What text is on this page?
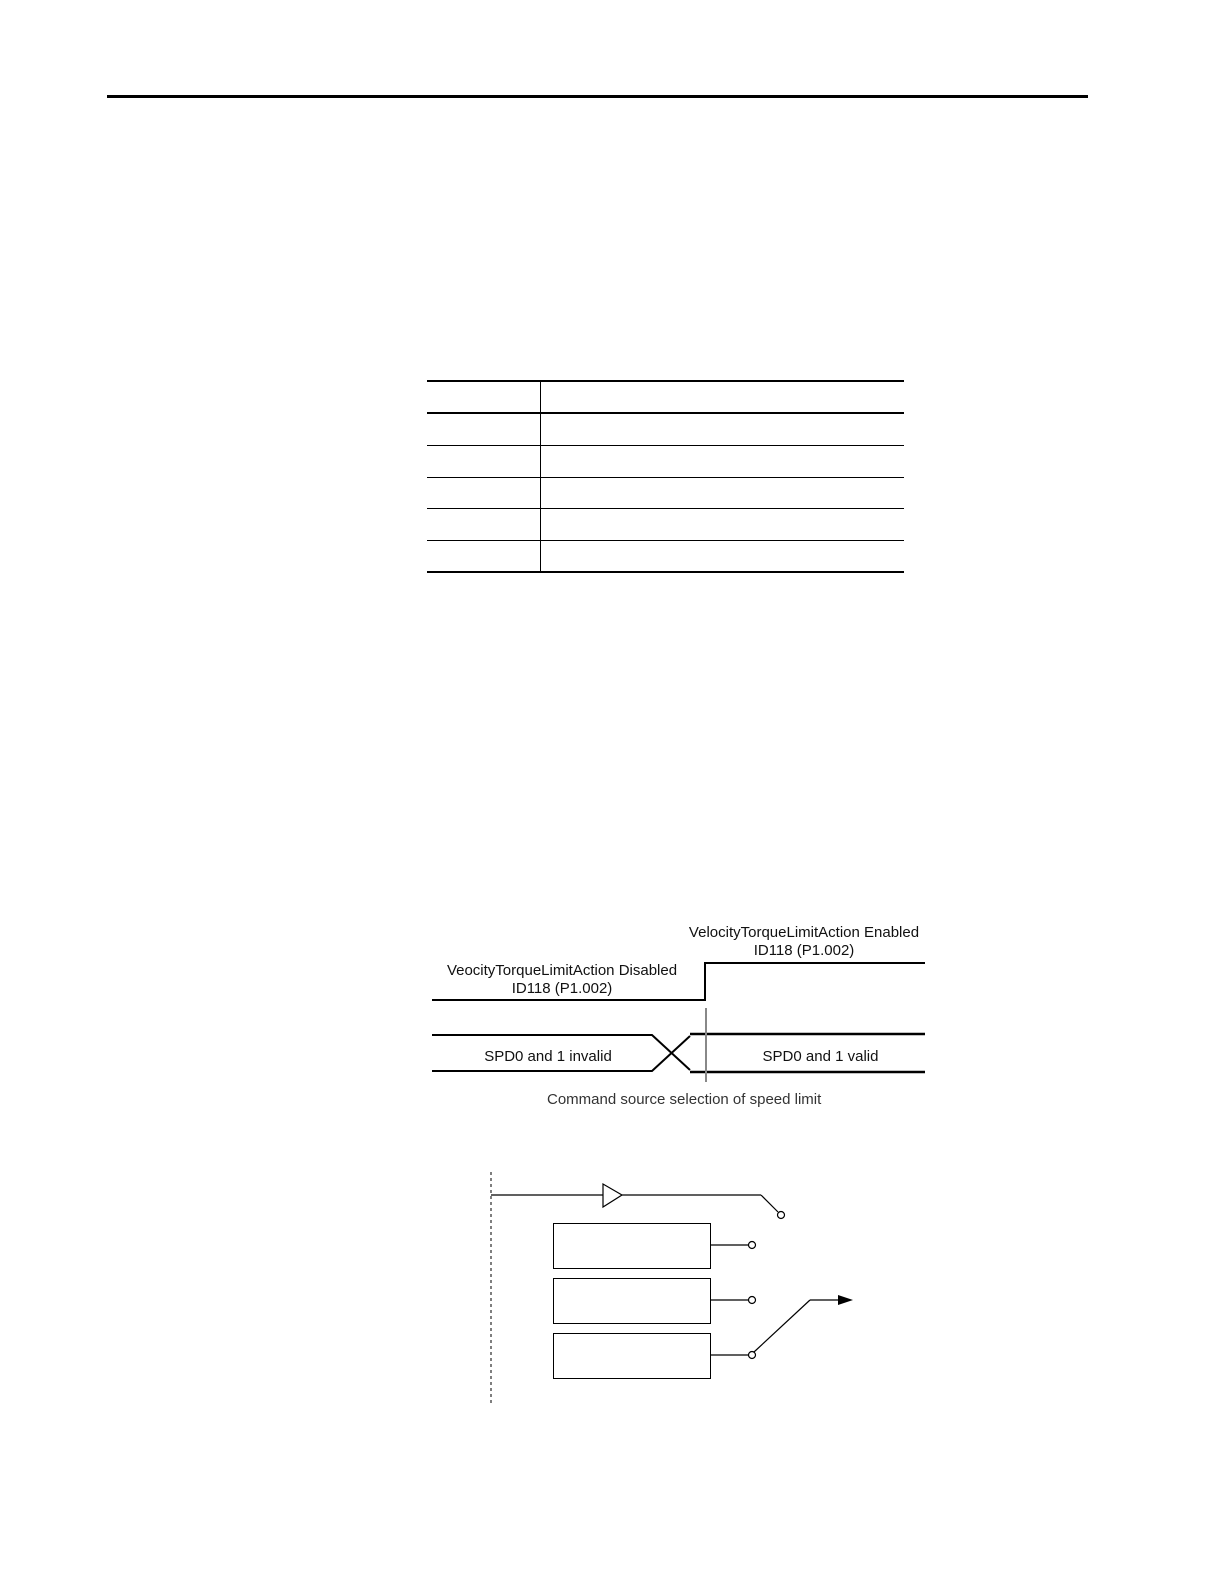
VelocityTorqueLimitAction Enabled
ID118 (P1.002)
VeocityTorqueLimitAction Disabled
ID118 (P1.002)
SPD0 and 1 invalid	SPD0 and 1 valid
Command source selection of speed limit
